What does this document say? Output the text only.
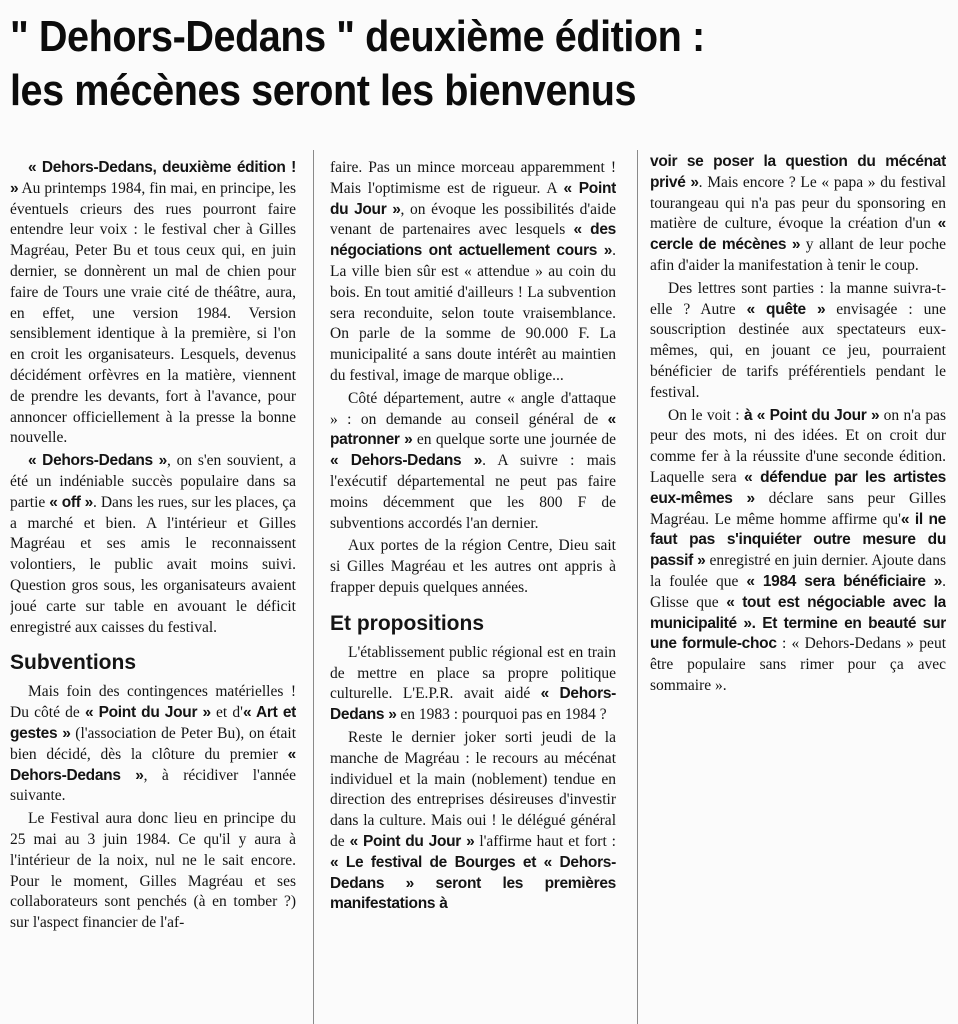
" Dehors-Dedans " deuxième édition :
les mécènes seront les bienvenus

« Dehors-Dedans, deuxième édition ! » Au printemps 1984, fin mai, en principe, les éventuels crieurs des rues pourront faire entendre leur voix : le festival cher à Gilles Magréau, Peter Bu et tous ceux qui, en juin dernier, se donnèrent un mal de chien pour faire de Tours une vraie cité de théâtre, aura, en effet, une version 1984. Version sensiblement identique à la première, si l'on en croit les organisateurs. Lesquels, devenus décidément orfèvres en la matière, viennent de prendre les devants, fort à l'avance, pour annoncer officiellement à la presse la bonne nouvelle.

« Dehors-Dedans », on s'en souvient, a été un indéniable succès populaire dans sa partie « off ». Dans les rues, sur les places, ça a marché et bien. A l'intérieur et Gilles Magréau et ses amis le reconnaissent volontiers, le public avait moins suivi. Question gros sous, les organisateurs avaient joué carte sur table en avouant le déficit enregistré aux caisses du festival.

Subventions

Mais foin des contingences matérielles ! Du côté de « Point du Jour » et d'« Art et gestes » (l'association de Peter Bu), on était bien décidé, dès la clôture du premier « Dehors-Dedans », à récidiver l'année suivante.

Le Festival aura donc lieu en principe du 25 mai au 3 juin 1984. Ce qu'il y aura à l'intérieur de la noix, nul ne le sait encore. Pour le moment, Gilles Magréau et ses collaborateurs sont penchés (à en tomber ?) sur l'aspect financier de l'af-

faire. Pas un mince morceau apparemment ! Mais l'optimisme est de rigueur. A « Point du Jour », on évoque les possibilités d'aide venant de partenaires avec lesquels « des négociations ont actuellement cours ». La ville bien sûr est « attendue » au coin du bois. En tout amitié d'ailleurs ! La subvention sera reconduite, selon toute vraisemblance. On parle de la somme de 90.000 F. La municipalité a sans doute intérêt au maintien du festival, image de marque oblige...

Côté département, autre « angle d'attaque » : on demande au conseil général de « patronner » en quelque sorte une journée de « Dehors-Dedans ». A suivre : mais l'exécutif départemental ne peut pas faire moins décemment que les 800 F de subventions accordés l'an dernier.

Aux portes de la région Centre, Dieu sait si Gilles Magréau et les autres ont appris à frapper depuis quelques années.

Et propositions

L'établissement public régional est en train de mettre en place sa propre politique culturelle. L'E.P.R. avait aidé « Dehors-Dedans » en 1983 : pourquoi pas en 1984 ?

Reste le dernier joker sorti jeudi de la manche de Magréau : le recours au mécénat individuel et la main (noblement) tendue en direction des entreprises désireuses d'investir dans la culture. Mais oui ! le délégué général de « Point du Jour » l'affirme haut et fort : « Le festival de Bourges et « Dehors-Dedans » seront les premières manifestations à

voir se poser la question du mécénat privé ». Mais encore ? Le « papa » du festival tourangeau qui n'a pas peur du sponsoring en matière de culture, évoque la création d'un « cercle de mécènes » y allant de leur poche afin d'aider la manifestation à tenir le coup.

Des lettres sont parties : la manne suivra-t-elle ? Autre « quête » envisagée : une souscription destinée aux spectateurs eux-mêmes, qui, en jouant ce jeu, pourraient bénéficier de tarifs préférentiels pendant le festival.

On le voit : à « Point du Jour » on n'a pas peur des mots, ni des idées. Et on croit dur comme fer à la réussite d'une seconde édition. Laquelle sera « défendue par les artistes eux-mêmes » déclare sans peur Gilles Magréau. Le même homme affirme qu'« il ne faut pas s'inquiéter outre mesure du passif » enregistré en juin dernier. Ajoute dans la foulée que « 1984 sera bénéficiaire ». Glisse que « tout est négociable avec la municipalité ». Et termine en beauté sur une formule-choc : « Dehors-Dedans » peut être populaire sans rimer pour ça avec sommaire ».
